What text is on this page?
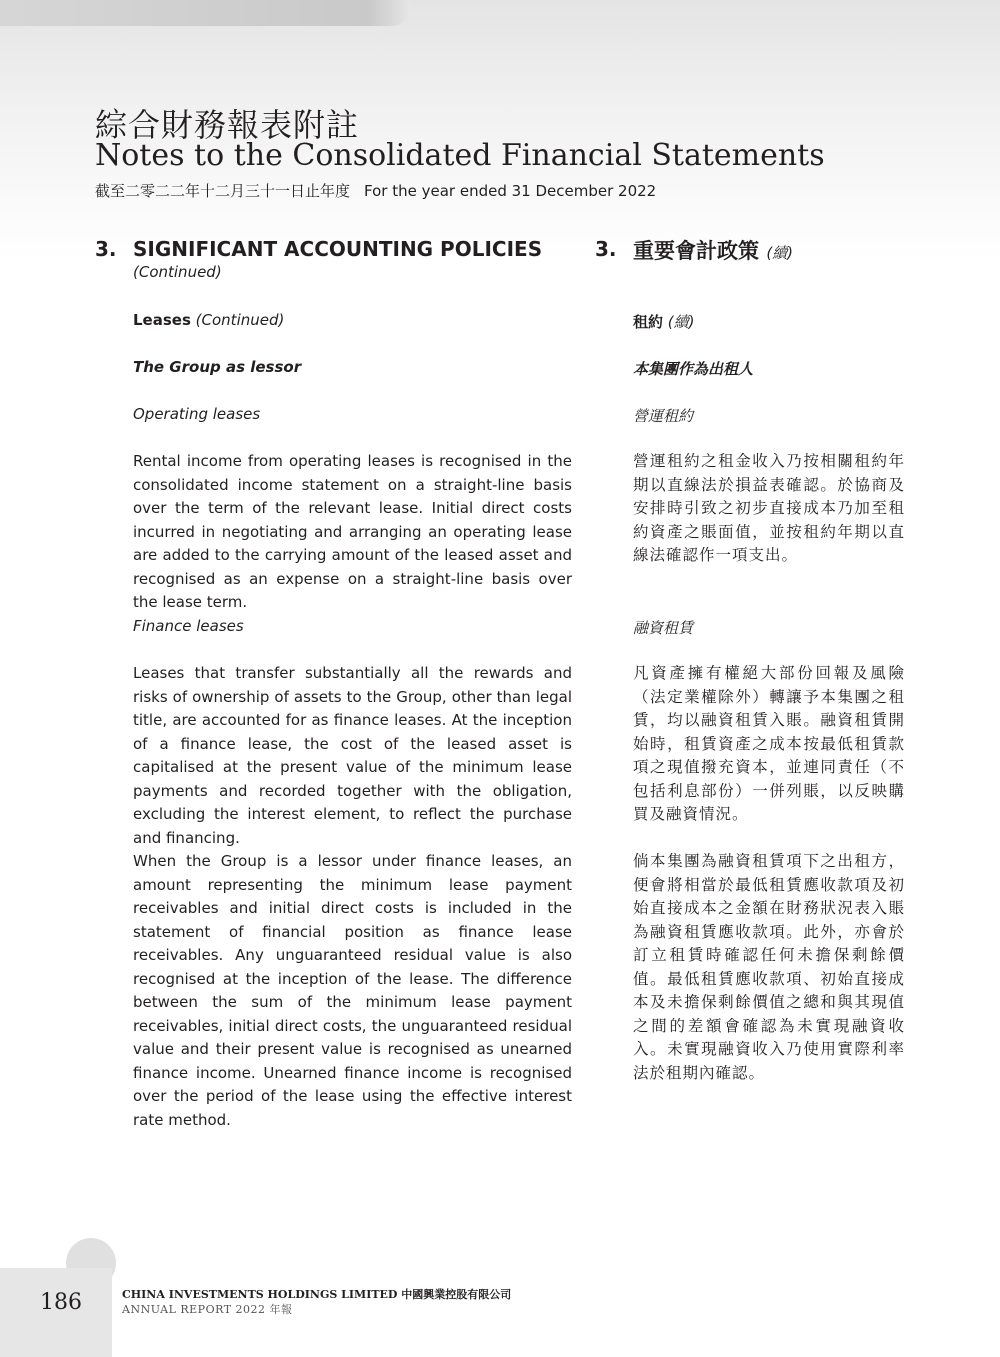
綜合財務報表附註
Notes to the Consolidated Financial Statements
截至二零二二年十二月三十一日止年度 For the year ended 31 December 2022
3. SIGNIFICANT ACCOUNTING POLICIES
(Continued)
3. 重要會計政策 (續)
Leases (Continued)	租約 (續)
The Group as lessor	本集團作為出租人
Operating leases	營運租約
Rental income from operating leases is recognised in the consolidated income statement on a straight-line basis over the term of the relevant lease. Initial direct costs incurred in negotiating and arranging an operating lease are added to the carrying amount of the leased asset and recognised as an expense on a straight-line basis over the lease term.
營運租約之租金收入乃按相關租約年期以直線法於損益表確認。於協商及安排時引致之初步直接成本乃加至租約資產之賬面值，並按租約年期以直線法確認作一項支出。
Finance leases	融資租賃
Leases that transfer substantially all the rewards and risks of ownership of assets to the Group, other than legal title, are accounted for as finance leases. At the inception of a finance lease, the cost of the leased asset is capitalised at the present value of the minimum lease payments and recorded together with the obligation, excluding the interest element, to reflect the purchase and financing.
凡資產擁有權絕大部份回報及風險（法定業權除外）轉讓予本集團之租賃，均以融資租賃入賬。融資租賃開始時，租賃資產之成本按最低租賃款項之現值撥充資本，並連同責任（不包括利息部份）一併列賬，以反映購買及融資情況。
When the Group is a lessor under finance leases, an amount representing the minimum lease payment receivables and initial direct costs is included in the statement of financial position as finance lease receivables. Any unguaranteed residual value is also recognised at the inception of the lease. The difference between the sum of the minimum lease payment receivables, initial direct costs, the unguaranteed residual value and their present value is recognised as unearned finance income. Unearned finance income is recognised over the period of the lease using the effective interest rate method.
倘本集團為融資租賃項下之出租方，便會將相當於最低租賃應收款項及初始直接成本之金額在財務狀況表入賬為融資租賃應收款項。此外，亦會於訂立租賃時確認任何未擔保剩餘價值。最低租賃應收款項、初始直接成本及未擔保剩餘價值之總和與其現值之間的差額會確認為未實現融資收入。未實現融資收入乃使用實際利率法於租期內確認。
186	CHINA INVESTMENTS HOLDINGS LIMITED 中國興業控股有限公司
ANNUAL REPORT 2022 年報
